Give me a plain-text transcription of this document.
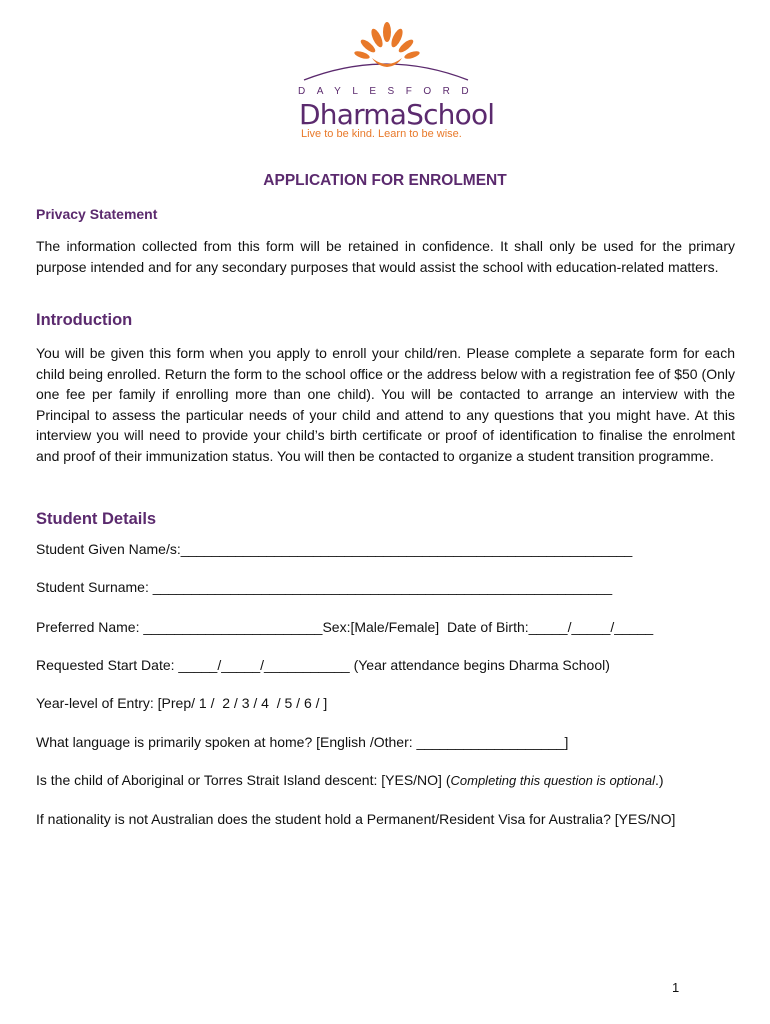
DAYLESFORD
DharmaSchool
Live to be kind. Learn to be wise.
APPLICATION FOR ENROLMENT
Privacy Statement
The information collected from this form will be retained in confidence. It shall only be used for the primary purpose intended and for any secondary purposes that would assist the school with education-related matters.
Introduction
You will be given this form when you apply to enroll your child/ren. Please complete a separate form for each child being enrolled. Return the form to the school office or the address below with a registration fee of $50 (Only one fee per family if enrolling more than one child). You will be contacted to arrange an interview with the Principal to assess the particular needs of your child and attend to any questions that you might have. At this interview you will need to provide your child’s birth certificate or proof of identification to finalise the enrolment and proof of their immunization status. You will then be contacted to organize a student transition programme.
Student Details
Student Given Name/s:__________________________________________________________
Student Surname: ___________________________________________________________
Preferred Name: _______________________Sex:[Male/Female]  Date of Birth:_____/_____/_____
Requested Start Date: _____/_____/___________ (Year attendance begins Dharma School)
Year-level of Entry: [Prep/ 1 /  2 / 3 / 4  / 5 / 6 / ]
What language is primarily spoken at home? [English /Other: ___________________]
Is the child of Aboriginal or Torres Strait Island descent: [YES/NO] (Completing this question is optional.)
If nationality is not Australian does the student hold a Permanent/Resident Visa for Australia? [YES/NO]
1
